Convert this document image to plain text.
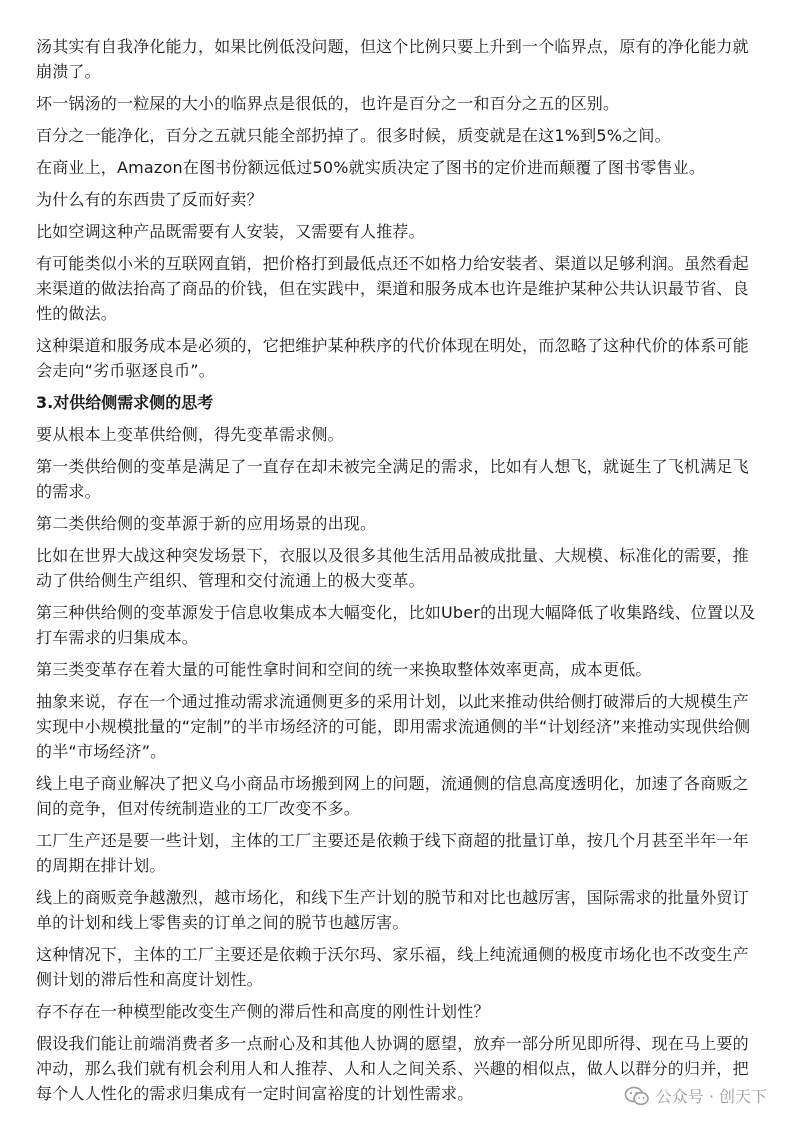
汤其实有自我净化能力，如果比例低没问题，但这个比例只要上升到一个临界点，原有的净化能力就崩溃了。

坏一锅汤的一粒屎的大小的临界点是很低的，也许是百分之一和百分之五的区别。

百分之一能净化，百分之五就只能全部扔掉了。很多时候，质变就是在这1%到5%之间。

在商业上，Amazon在图书份额远低过50%就实质决定了图书的定价进而颠覆了图书零售业。

为什么有的东西贵了反而好卖？

比如空调这种产品既需要有人安装，又需要有人推荐。

有可能类似小米的互联网直销，把价格打到最低点还不如格力给安装者、渠道以足够利润。虽然看起来渠道的做法抬高了商品的价钱，但在实践中，渠道和服务成本也许是维护某种公共认识最节省、良性的做法。

这种渠道和服务成本是必须的，它把维护某种秩序的代价体现在明处，而忽略了这种代价的体系可能会走向“劣币驱逐良币”。

3.对供给侧需求侧的思考

要从根本上变革供给侧，得先变革需求侧。

第一类供给侧的变革是满足了一直存在却未被完全满足的需求，比如有人想飞，就诞生了飞机满足飞的需求。

第二类供给侧的变革源于新的应用场景的出现。

比如在世界大战这种突发场景下，衣服以及很多其他生活用品被成批量、大规模、标准化的需要，推动了供给侧生产组织、管理和交付流通上的极大变革。

第三种供给侧的变革源发于信息收集成本大幅变化，比如Uber的出现大幅降低了收集路线、位置以及打车需求的归集成本。

第三类变革存在着大量的可能性拿时间和空间的统一来换取整体效率更高，成本更低。

抽象来说，存在一个通过推动需求流通侧更多的采用计划，以此来推动供给侧打破滞后的大规模生产实现中小规模批量的“定制”的半市场经济的可能，即用需求流通侧的半“计划经济”来推动实现供给侧的半“市场经济”。

线上电子商业解决了把义乌小商品市场搬到网上的问题，流通侧的信息高度透明化，加速了各商贩之间的竞争，但对传统制造业的工厂改变不多。

工厂生产还是要一些计划，主体的工厂主要还是依赖于线下商超的批量订单，按几个月甚至半年一年的周期在排计划。

线上的商贩竞争越激烈，越市场化，和线下生产计划的脱节和对比也越厉害，国际需求的批量外贸订单的计划和线上零售卖的订单之间的脱节也越厉害。

这种情况下，主体的工厂主要还是依赖于沃尔玛、家乐福，线上纯流通侧的极度市场化也不改变生产侧计划的滞后性和高度计划性。

存不存在一种模型能改变生产侧的滞后性和高度的刚性计划性？

假设我们能让前端消费者多一点耐心及和其他人协调的愿望，放弃一部分所见即所得、现在马上要的冲动，那么我们就有机会利用人和人推荐、人和人之间关系、兴趣的相似点，做人以群分的归并，把每个人人性化的需求归集成有一定时间富裕度的计划性需求。	公众号 · 创天下
